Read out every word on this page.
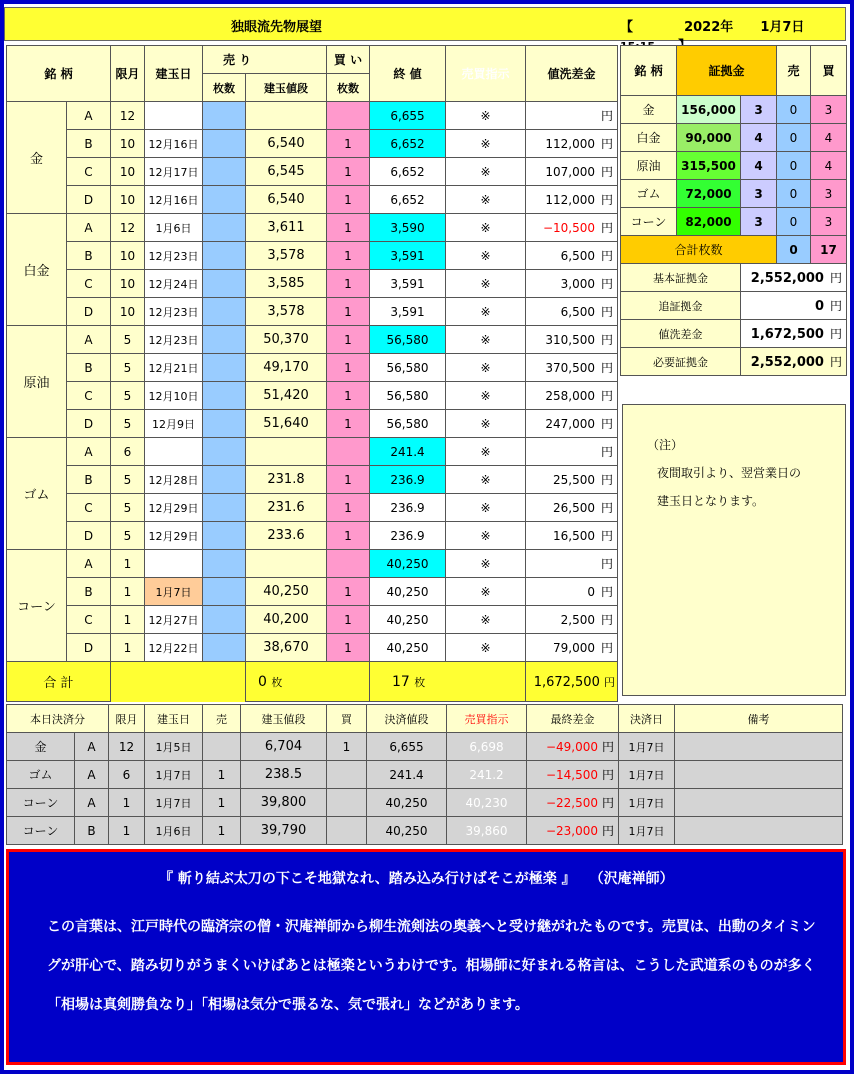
独眼流先物展望	【	2022年 1月7日
銘 柄		限月	建玉日	売 り		買 い	終 値	売買指示	値洗差金
				枚数	建玉値段	枚数			
金	A	12					6,655	※	円
	B	10	12月16日		6,540	1	6,652	※	112,000 円
	C	10	12月17日		6,545	1	6,652	※	107,000 円
	D	10	12月16日		6,540	1	6,652	※	112,000 円
白金	A	12	1月6日		3,611	1	3,590	※	−10,500 円
	B	10	12月23日		3,578	1	3,591	※	6,500 円
	C	10	12月24日		3,585	1	3,591	※	3,000 円
	D	10	12月23日		3,578	1	3,591	※	6,500 円
原油	A	5	12月23日		50,370	1	56,580	※	310,500 円
	B	5	12月21日		49,170	1	56,580	※	370,500 円
	C	5	12月10日		51,420	1	56,580	※	258,000 円
	D	5	12月9日		51,640	1	56,580	※	247,000 円
ゴム	A	6					241.4	※	円
	B	5	12月28日		231.8	1	236.9	※	25,500 円
	C	5	12月29日		231.6	1	236.9	※	26,500 円
	D	5	12月29日		233.6	1	236.9	※	16,500 円
コーン	A	1					40,250	※	円
	B	1	1月7日		40,250	1	40,250	※	0 円
	C	1	12月27日		40,200	1	40,250	※	2,500 円
	D	1	12月22日		38,670	1	40,250	※	79,000 円
合 計					0 枚		17 枚		1,672,500 円
銘 柄	証拠金		売	買
金	156,000	3	0	3
白金	90,000	4	0	4
原油	315,500	4	0	4
ゴム	72,000	3	0	3
コーン	82,000	3	0	3
合計枚数			0	17
基本証拠金		2,552,000 円		
追証拠金		0 円		
値洗差金		1,672,500 円		
必要証拠金		2,552,000 円		
MEMO
（注）
夜間取引より、翌営業日の
建玉日となります。
本日決済分		限月	建玉日	売	建玉値段	買	決済値段	売買指示	最終差金	決済日	備考
金	A	12	1月5日		6,704	1	6,655	6,698	−49,000 円	1月7日	
ゴム	A	6	1月7日	1	238.5		241.4	241.2	−14,500 円	1月7日	
コーン	A	1	1月7日	1	39,800		40,250	40,230	−22,500 円	1月7日	
コーン	B	1	1月6日	1	39,790		40,250	39,860	−23,000 円	1月7日	
『 斬り結ぶ太刀の下こそ地獄なれ、踏み込み行けばそこが極楽 』　　（沢庵禅師）
この言葉は、江戸時代の臨済宗の僧・沢庵禅師から柳生流剣法の奥義へと受け継がれたものです。売買は、出動のタイミングが肝心で、踏み切りがうまくいけばあとは極楽というわけです。相場師に好まれる格言は、こうした武道系のものが多く「相場は真剣勝負なり」「相場は気分で張るな、気で張れ」などがあります。
